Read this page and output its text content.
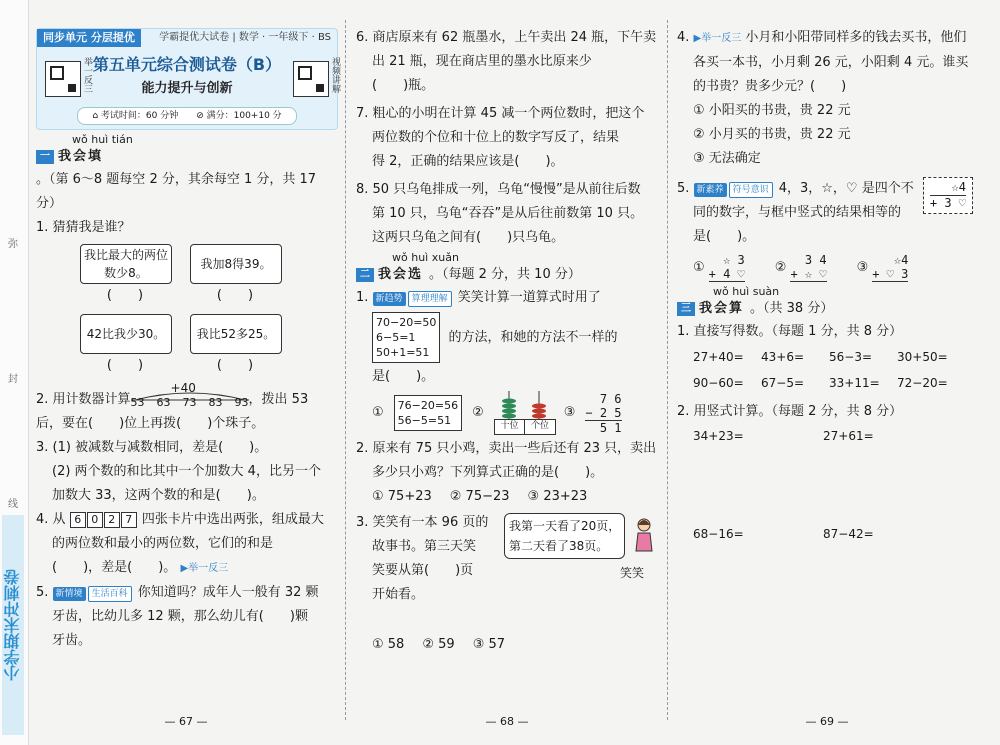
弥
封
线
小学期末冲刺卷
同步单元 分层提优	学霸提优大试卷 | 数学 · 一年级下 · BS
举一反三	视频讲解
第五单元综合测试卷（B）
能力提升与创新
⌂ 考试时间：60 分钟　　⊘ 满分：100+10 分
wǒ huì tián
一 我会填
。（第 6～8 题每空 2 分，其余每空 1 分，共 17 分）
1. 猜猜我是谁？
我比最大的两位数少8。
(　　)
我加8得39。
(　　)
42比我少30。
(　　)
我比52多25。
(　　)
2. 用计数器计算
+40
53 63 73 83 93 ，拨出 53
后，要在(　　)位上再拨(　　)个珠子。
3. (1) 被减数与减数相同，差是(　　)。
(2) 两个数的和比其中一个加数大 4，比另一个
加数大 33，这两个数的和是(　　)。
4. 从 6 0 2 7 四张卡片中选出两张，组成最大
的两位数和最小的两位数，它们的和是
(　　)，差是(　　)。 ▶举一反三
5. 新情境 生活百科 你知道吗？成年人一般有 32 颗
牙齿，比幼儿多 12 颗，那么幼儿有(　　)颗
牙齿。
— 67 —
6. 商店原来有 62 瓶墨水，上午卖出 24 瓶，下午卖
出 21 瓶，现在商店里的墨水比原来少
(　　)瓶。
7. 粗心的小明在计算 45 减一个两位数时，把这个
两位数的个位和十位上的数字写反了，结果
得 2，正确的结果应该是(　　)。
8. 50 只乌龟排成一列，乌龟“慢慢”是从前往后数
第 10 只，乌龟“吞吞”是从后往前数第 10 只。
这两只乌龟之间有(　　)只乌龟。
wǒ huì xuǎn
二 我会选 。（每题 2 分，共 10 分）
1. 新趋势 算理理解 笑笑计算一道算式时用了
70−20=50
6−5=1
50+1=51
的方法，和她的方法不一样的
是(　　)。
① 76−20=56
56−5=51
②
十位	个位
③
7 6
− 2 5
5 1
2. 原来有 75 只小鸡，卖出一些后还有 23 只，卖出
多少只小鸡？下列算式正确的是(　　)。
① 75+23 ② 75−23 ③ 23+23
3. 笑笑有一本 96 页的
故事书。第三天笑
笑要从第(　　)页
开始看。
我第一天看了20页，
第二天看了38页。
笑笑
① 58 ② 59 ③ 57
— 68 —
4. ▶举一反三 小月和小阳带同样多的钱去买书，他们
各买一本书，小月剩 26 元，小阳剩 4 元。谁买
的书贵？贵多少元？(　　)
① 小阳买的书贵，贵 22 元
② 小月买的书贵，贵 22 元
③ 无法确定
5. 新素养 符号意识 4，3，☆，♡ 是四个不
同的数字，与框中竖式的结果相等的
是(　　)。
☆4
+ 3 ♡
①	☆ 3
+ 4 ♡ ②	3 4
+ ☆ ♡ ③	☆4
+ ♡ 3
wǒ huì suàn
三 我会算 。（共 38 分）
1. 直接写得数。（每题 1 分，共 8 分）
27+40=	43+6=	56−3=	30+50=
90−60=	67−5=	33+11=	72−20=
2. 用竖式计算。（每题 2 分，共 8 分）
34+23=	27+61=
68−16=	87−42=
— 69 —
